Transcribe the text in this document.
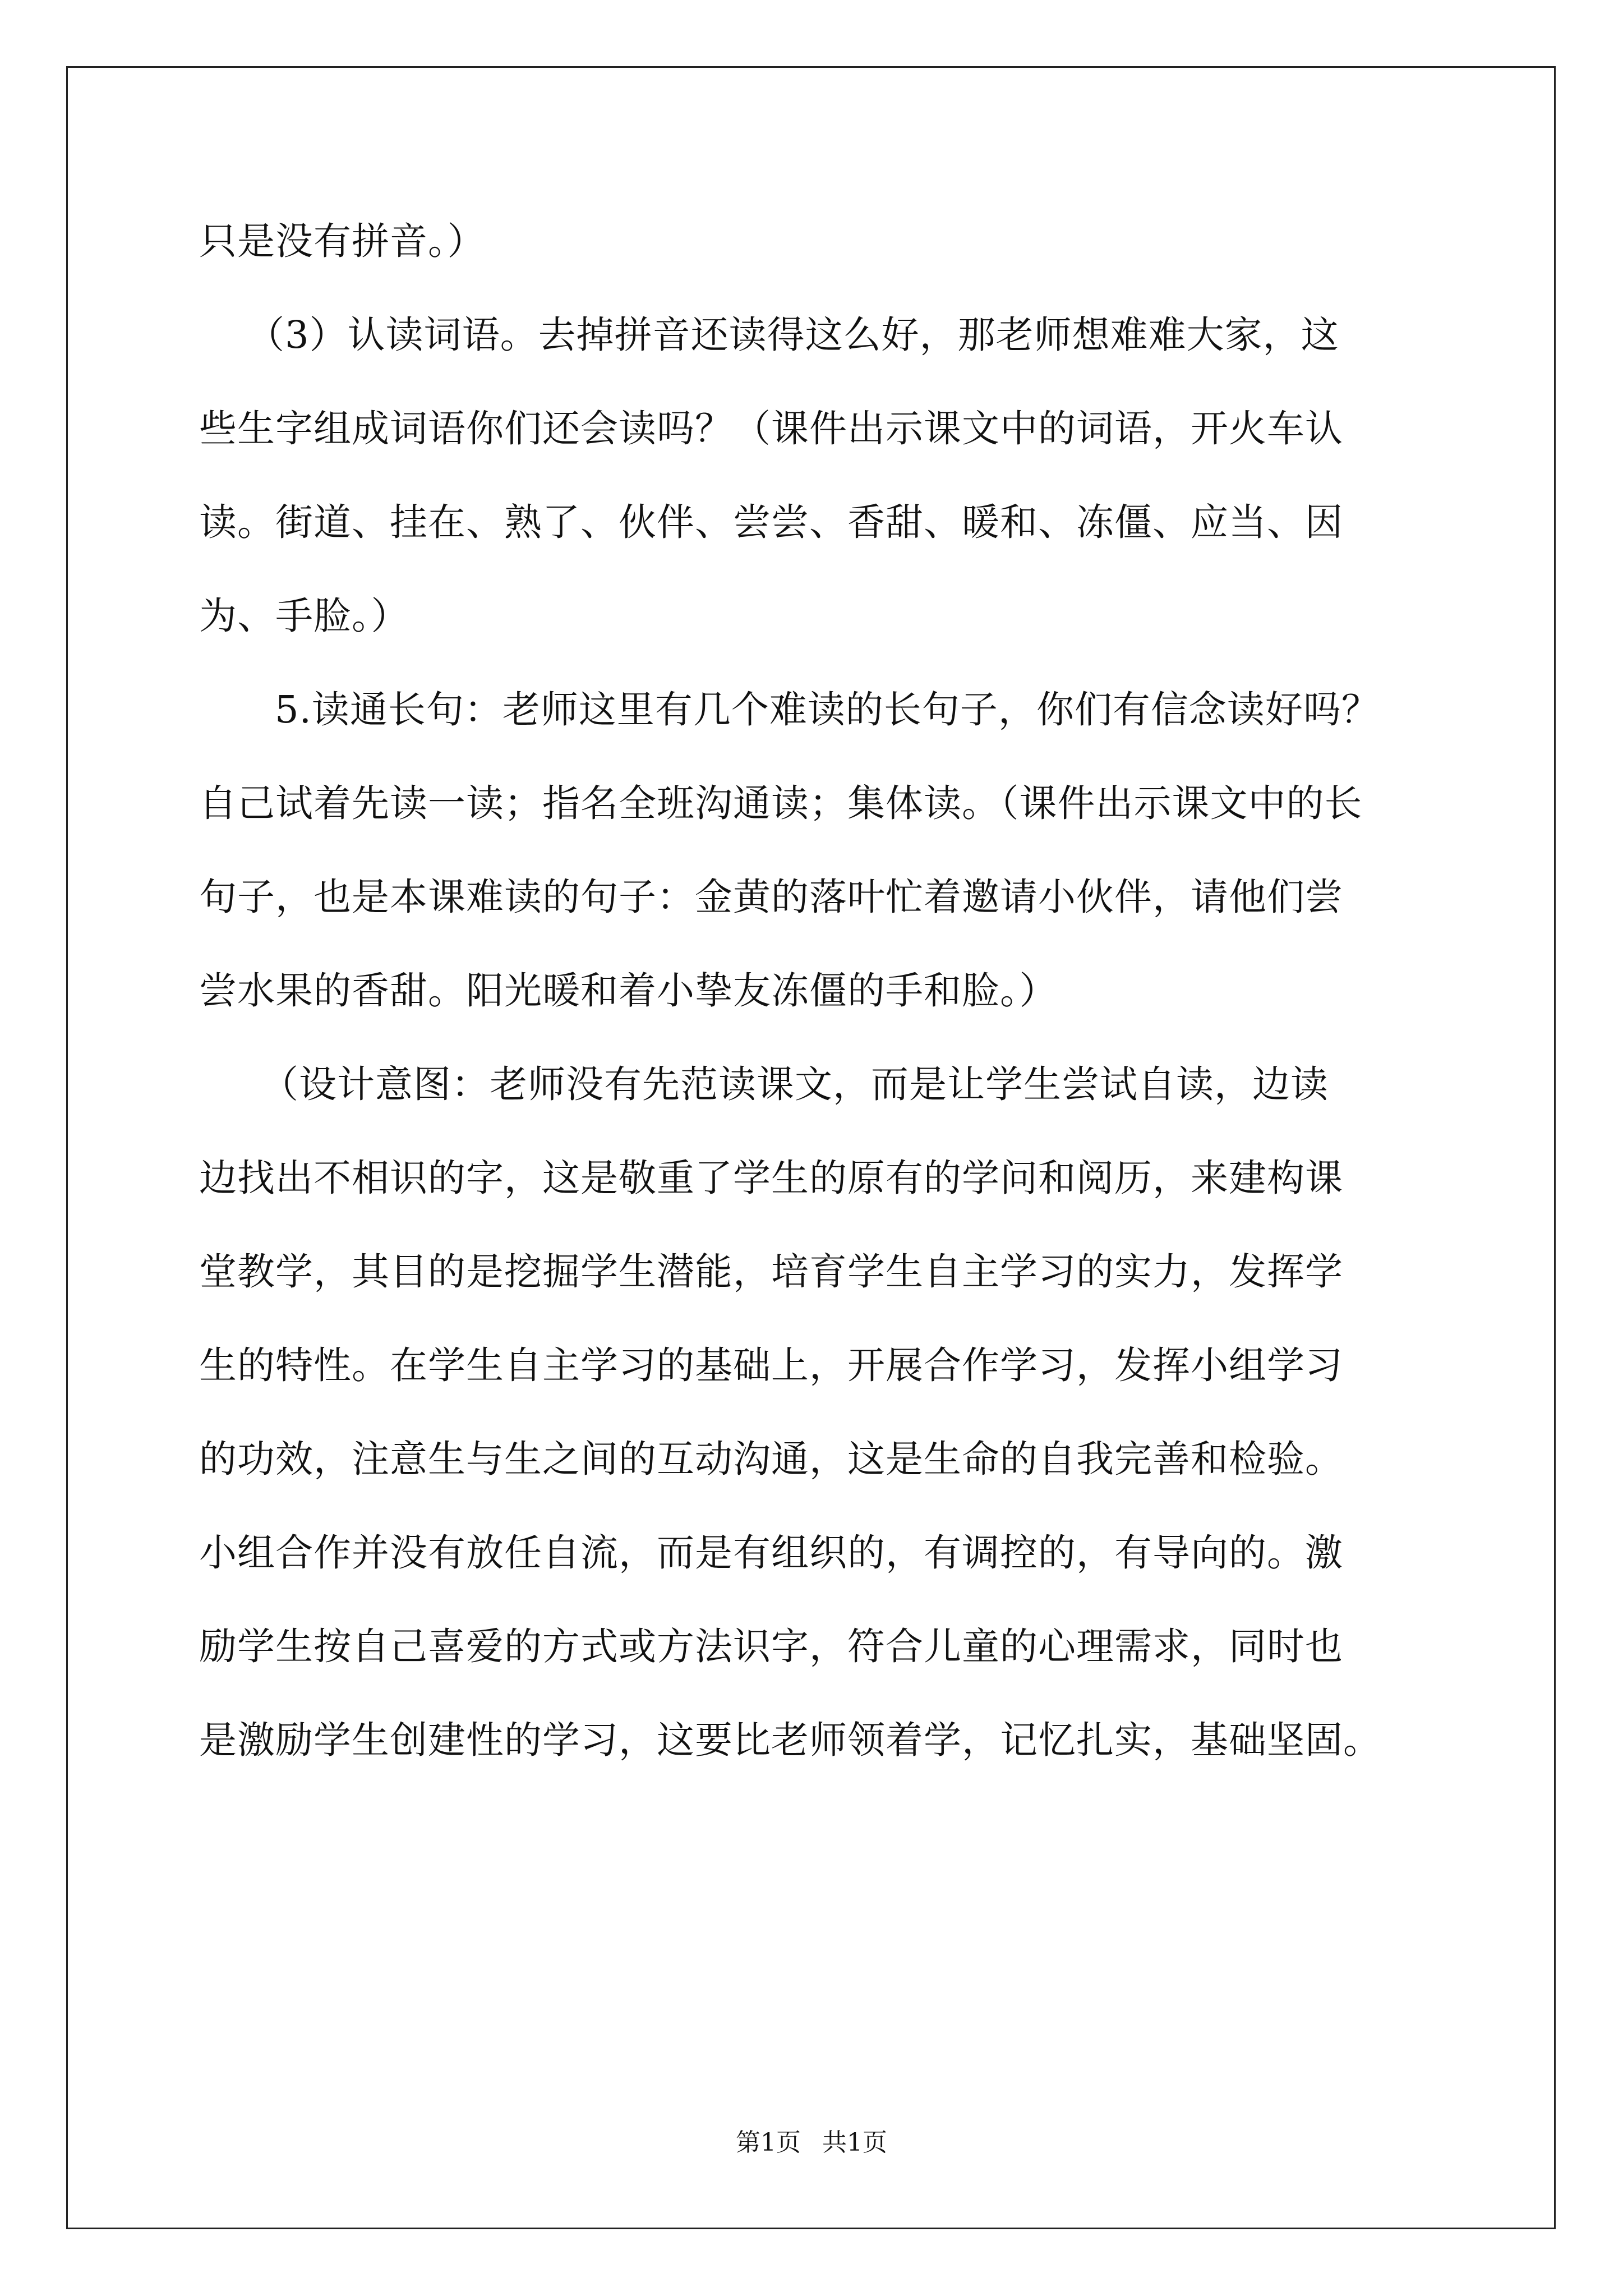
只是没有拼音。）
（3）认读词语。去掉拼音还读得这么好，那老师想难难大家，这
些生字组成词语你们还会读吗？（课件出示课文中的词语，开火车认
读。街道、挂在、熟了、伙伴、尝尝、香甜、暖和、冻僵、应当、因
为、手脸。）
5.读通长句：老师这里有几个难读的长句子，你们有信念读好吗？
自己试着先读一读；指名全班沟通读；集体读。（课件出示课文中的长
句子，也是本课难读的句子：金黄的落叶忙着邀请小伙伴，请他们尝
尝水果的香甜。阳光暖和着小挚友冻僵的手和脸。）
（设计意图：老师没有先范读课文，而是让学生尝试自读，边读
边找出不相识的字，这是敬重了学生的原有的学问和阅历，来建构课
堂教学，其目的是挖掘学生潜能，培育学生自主学习的实力，发挥学
生的特性。在学生自主学习的基础上，开展合作学习，发挥小组学习
的功效，注意生与生之间的互动沟通，这是生命的自我完善和检验。
小组合作并没有放任自流，而是有组织的，有调控的，有导向的。激
励学生按自己喜爱的方式或方法识字，符合儿童的心理需求，同时也
是激励学生创建性的学习，这要比老师领着学，记忆扎实，基础坚固。
第1页 共1页
